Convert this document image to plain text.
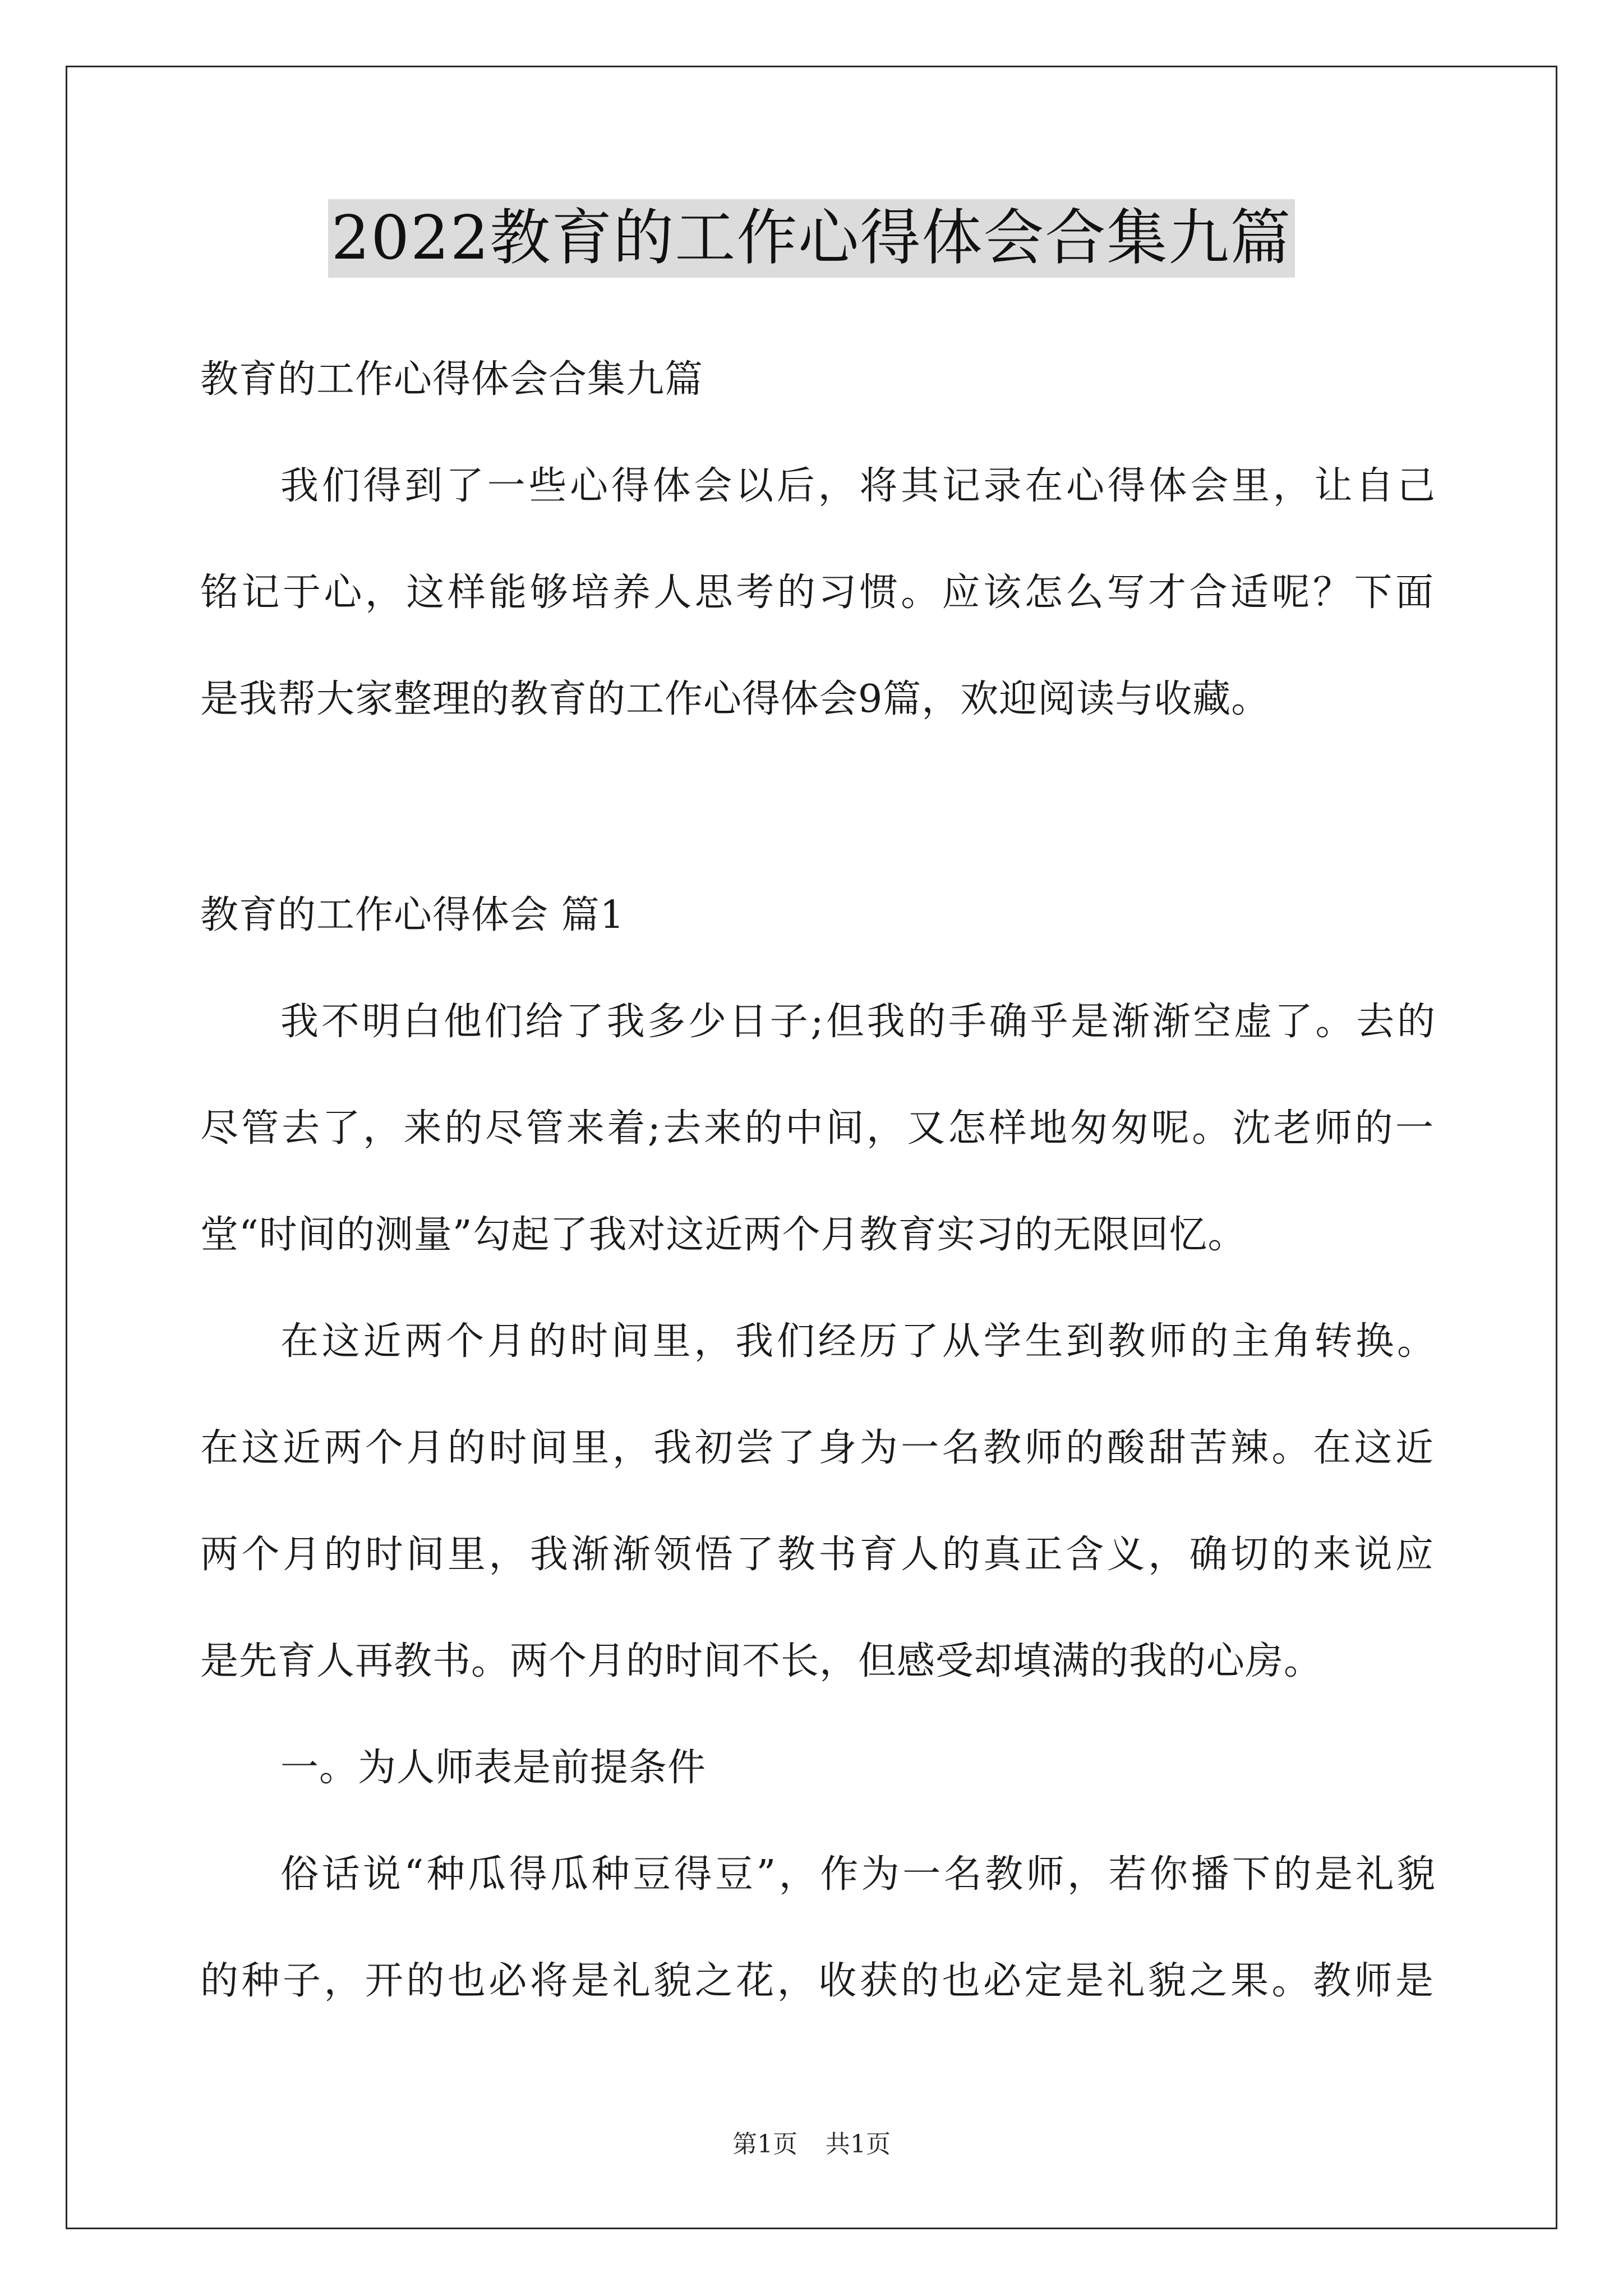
2022教育的工作心得体会合集九篇
教育的工作心得体会合集九篇
我们得到了一些心得体会以后，将其记录在心得体会里，让自己
铭记于心，这样能够培养人思考的习惯。应该怎么写才合适呢？下面
是我帮大家整理的教育的工作心得体会9篇，欢迎阅读与收藏。
教育的工作心得体会 篇1
我不明白他们给了我多少日子;但我的手确乎是渐渐空虚了。去的
尽管去了，来的尽管来着;去来的中间，又怎样地匆匆呢。沈老师的一
堂“时间的测量”勾起了我对这近两个月教育实习的无限回忆。
在这近两个月的时间里，我们经历了从学生到教师的主角转换。
在这近两个月的时间里，我初尝了身为一名教师的酸甜苦辣。在这近
两个月的时间里，我渐渐领悟了教书育人的真正含义，确切的来说应
是先育人再教书。两个月的时间不长，但感受却填满的我的心房。
一。为人师表是前提条件
俗话说“种瓜得瓜种豆得豆”，作为一名教师，若你播下的是礼貌
的种子，开的也必将是礼貌之花，收获的也必定是礼貌之果。教师是
第1页 共1页
